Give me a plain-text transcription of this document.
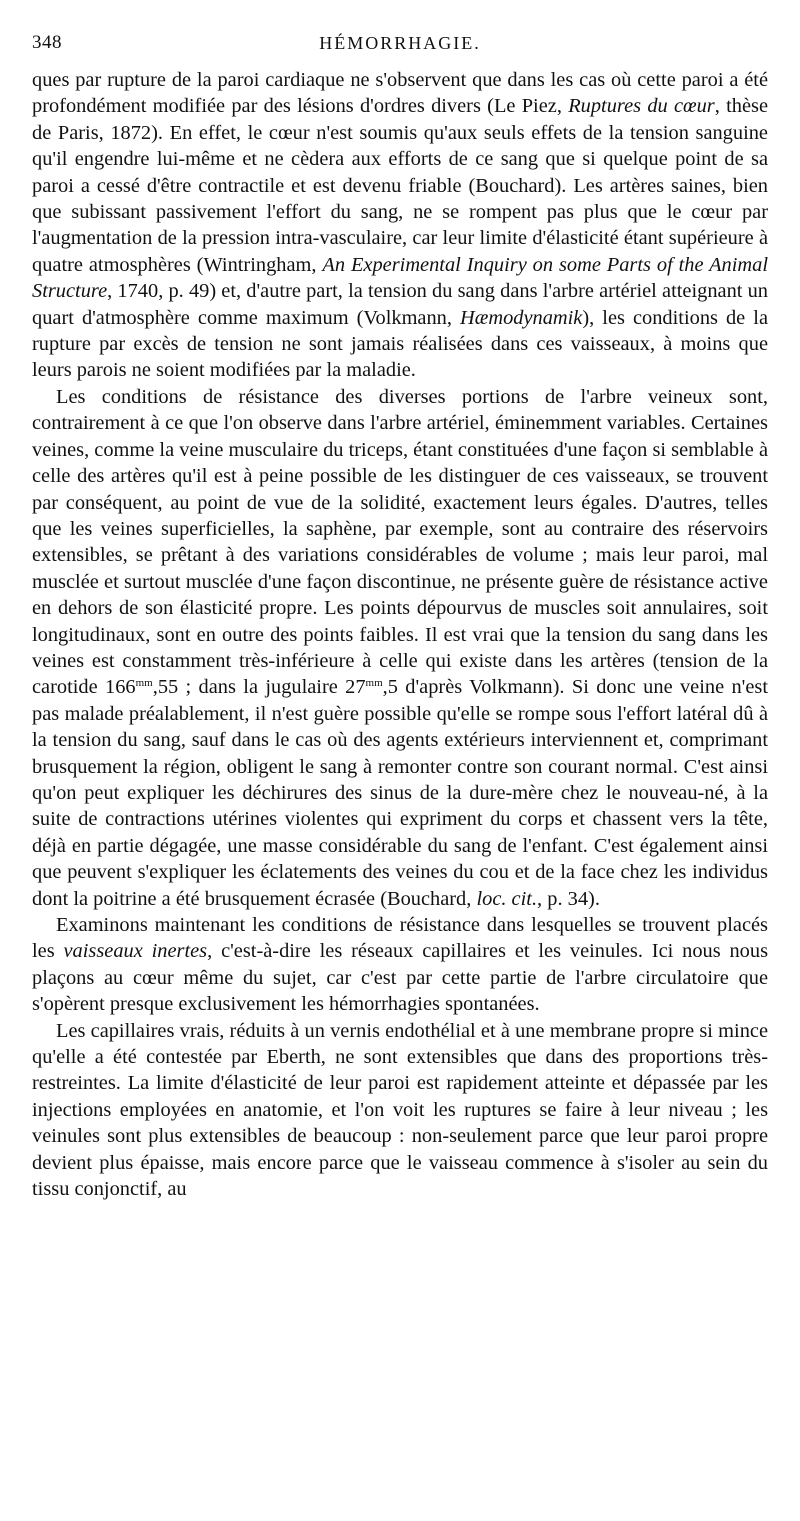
348	HÉMORRHAGIE.

ques par rupture de la paroi cardiaque ne s'observent que dans les cas où cette paroi a été profondément modifiée par des lésions d'ordres divers (Le Piez, Ruptures du cœur, thèse de Paris, 1872). En effet, le cœur n'est soumis qu'aux seuls effets de la tension sanguine qu'il engendre lui-même et ne cèdera aux efforts de ce sang que si quelque point de sa paroi a cessé d'être contractile et est devenu friable (Bouchard). Les artères saines, bien que subissant passivement l'effort du sang, ne se rompent pas plus que le cœur par l'augmentation de la pression intra-vasculaire, car leur limite d'élasticité étant supérieure à quatre atmosphères (Wintringham, An Experimental Inquiry on some Parts of the Animal Structure, 1740, p. 49) et, d'autre part, la tension du sang dans l'arbre artériel atteignant un quart d'atmosphère comme maximum (Volkmann, Hæmodynamik), les conditions de la rupture par excès de tension ne sont jamais réalisées dans ces vaisseaux, à moins que leurs parois ne soient modifiées par la maladie.

Les conditions de résistance des diverses portions de l'arbre veineux sont, contrairement à ce que l'on observe dans l'arbre artériel, éminemment variables. Certaines veines, comme la veine musculaire du triceps, étant constituées d'une façon si semblable à celle des artères qu'il est à peine possible de les distinguer de ces vaisseaux, se trouvent par conséquent, au point de vue de la solidité, exactement leurs égales. D'autres, telles que les veines superficielles, la saphène, par exemple, sont au contraire des réservoirs extensibles, se prêtant à des variations considérables de volume ; mais leur paroi, mal musclée et surtout musclée d'une façon discontinue, ne présente guère de résistance active en dehors de son élasticité propre. Les points dépourvus de muscles soit annulaires, soit longitudinaux, sont en outre des points faibles. Il est vrai que la tension du sang dans les veines est constamment très-inférieure à celle qui existe dans les artères (tension de la carotide $166^{mm},55$ ; dans la jugulaire $27^{mm},5$ d'après Volkmann). Si donc une veine n'est pas malade préalablement, il n'est guère possible qu'elle se rompe sous l'effort latéral dû à la tension du sang, sauf dans le cas où des agents extérieurs interviennent et, comprimant brusquement la région, obligent le sang à remonter contre son courant normal. C'est ainsi qu'on peut expliquer les déchirures des sinus de la dure-mère chez le nouveau-né, à la suite de contractions utérines violentes qui expriment du corps et chassent vers la tête, déjà en partie dégagée, une masse considérable du sang de l'enfant. C'est également ainsi que peuvent s'expliquer les éclatements des veines du cou et de la face chez les individus dont la poitrine a été brusquement écrasée (Bouchard, loc. cit., p. 34).

Examinons maintenant les conditions de résistance dans lesquelles se trouvent placés les vaisseaux inertes, c'est-à-dire les réseaux capillaires et les veinules. Ici nous nous plaçons au cœur même du sujet, car c'est par cette partie de l'arbre circulatoire que s'opèrent presque exclusivement les hémorrhagies spontanées.

Les capillaires vrais, réduits à un vernis endothélial et à une membrane propre si mince qu'elle a été contestée par Eberth, ne sont extensibles que dans des proportions très-restreintes. La limite d'élasticité de leur paroi est rapidement atteinte et dépassée par les injections employées en anatomie, et l'on voit les ruptures se faire à leur niveau ; les veinules sont plus extensibles de beaucoup : non-seulement parce que leur paroi propre devient plus épaisse, mais encore parce que le vaisseau commence à s'isoler au sein du tissu conjonctif, au
